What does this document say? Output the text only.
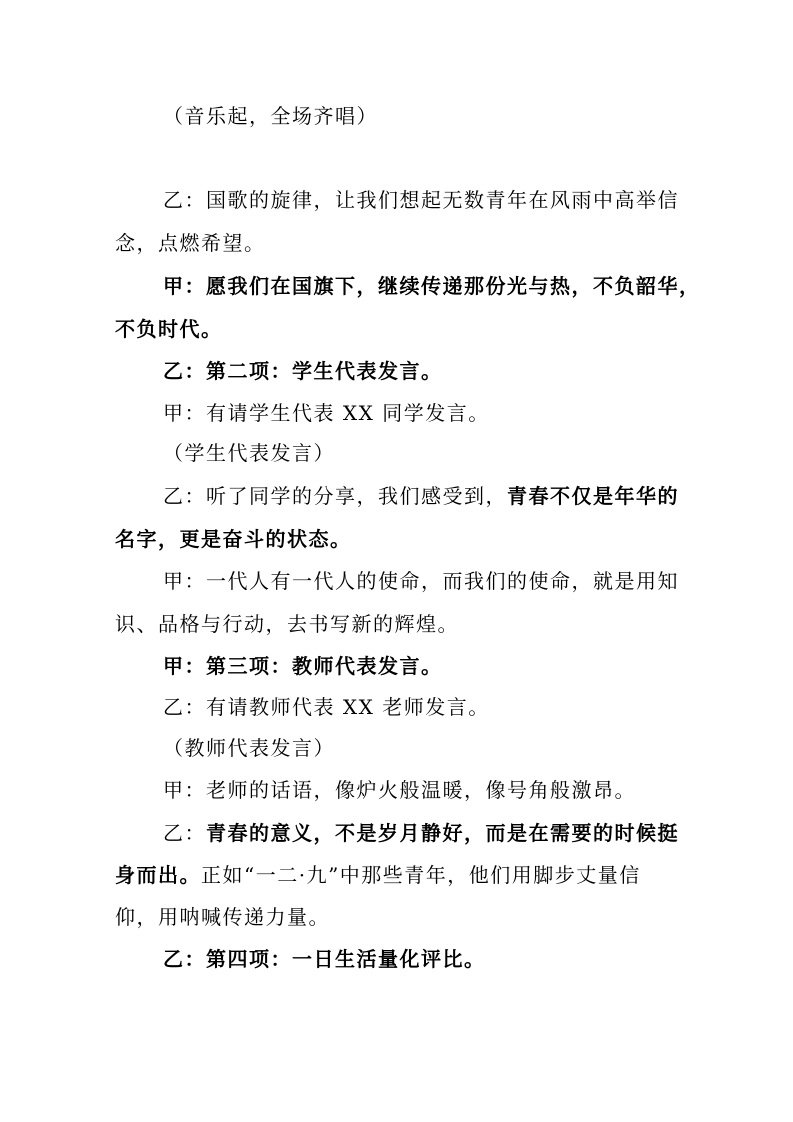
（音乐起，全场齐唱）
乙：国歌的旋律，让我们想起无数青年在风雨中高举信
念，点燃希望。
甲：愿我们在国旗下，继续传递那份光与热，不负韶华，
不负时代。
乙：第二项：学生代表发言。
甲：有请学生代表 XX 同学发言。
（学生代表发言）
乙：听了同学的分享，我们感受到，青春不仅是年华的
名字，更是奋斗的状态。
甲：一代人有一代人的使命，而我们的使命，就是用知
识、品格与行动，去书写新的辉煌。
甲：第三项：教师代表发言。
乙：有请教师代表 XX 老师发言。
（教师代表发言）
甲：老师的话语，像炉火般温暖，像号角般激昂。
乙：青春的意义，不是岁月静好，而是在需要的时候挺
身而出。正如“一二·九”中那些青年，他们用脚步丈量信
仰，用呐喊传递力量。
乙：第四项：一日生活量化评比。
